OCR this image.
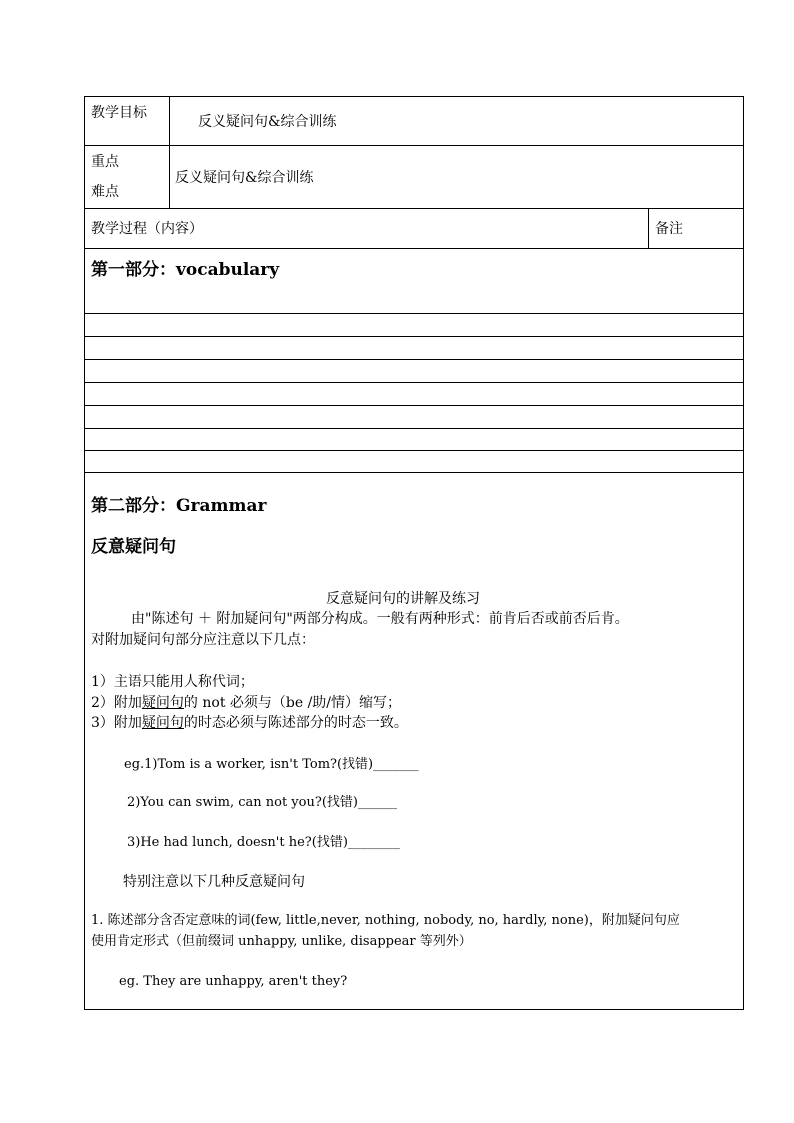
教学目标
反义疑问句&综合训练
重点
难点
反义疑问句&综合训练
教学过程（内容）	备注
第一部分：vocabulary
第二部分：Grammar
反意疑问句
反意疑问句的讲解及练习
由"陈述句 ＋ 附加疑问句"两部分构成。一般有两种形式：前肯后否或前否后肯。
对附加疑问句部分应注意以下几点：
1）主语只能用人称代词；
2）附加疑问句的 not 必须与（be /助/情）缩写；
3）附加疑问句的时态必须与陈述部分的时态一致。
eg.1)Tom is a worker, isn't Tom?(找错)_______
2)You can swim, can not you?(找错)______
3)He had lunch, doesn't he?(找错)________
特别注意以下几种反意疑问句
1. 陈述部分含否定意味的词(few, little,never, nothing, nobody, no, hardly, none)，附加疑问句应
使用肯定形式（但前缀词 unhappy, unlike, disappear 等列外）
eg. They are unhappy, aren't they?
